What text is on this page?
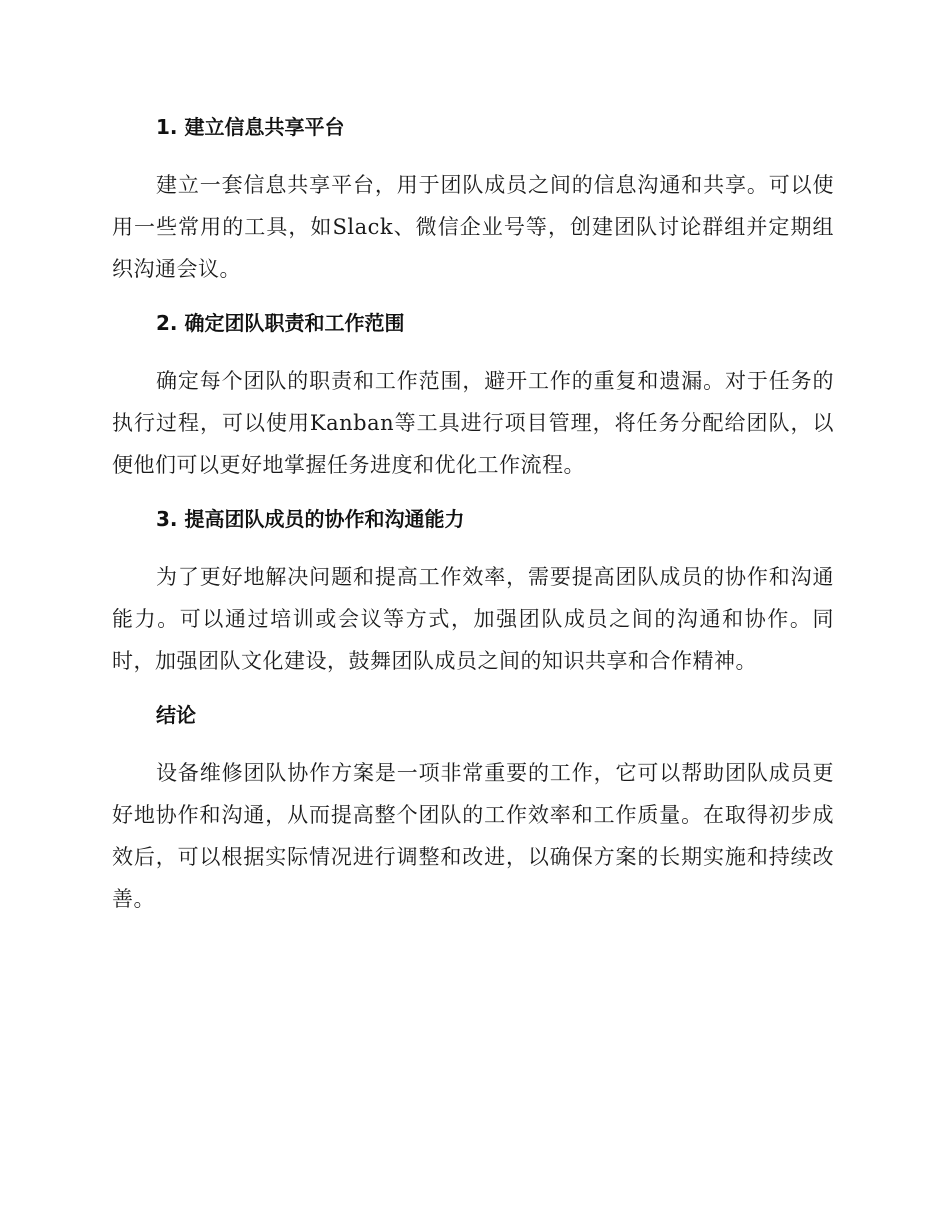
1. 建立信息共享平台

建立一套信息共享平台，用于团队成员之间的信息沟通和共享。可以使用一些常用的工具，如Slack、微信企业号等，创建团队讨论群组并定期组织沟通会议。

2. 确定团队职责和工作范围

确定每个团队的职责和工作范围，避开工作的重复和遗漏。对于任务的执行过程，可以使用Kanban等工具进行项目管理，将任务分配给团队，以便他们可以更好地掌握任务进度和优化工作流程。

3. 提高团队成员的协作和沟通能力

为了更好地解决问题和提高工作效率，需要提高团队成员的协作和沟通能力。可以通过培训或会议等方式，加强团队成员之间的沟通和协作。同时，加强团队文化建设，鼓舞团队成员之间的知识共享和合作精神。

结论

设备维修团队协作方案是一项非常重要的工作，它可以帮助团队成员更好地协作和沟通，从而提高整个团队的工作效率和工作质量。在取得初步成效后，可以根据实际情况进行调整和改进，以确保方案的长期实施和持续改善。
